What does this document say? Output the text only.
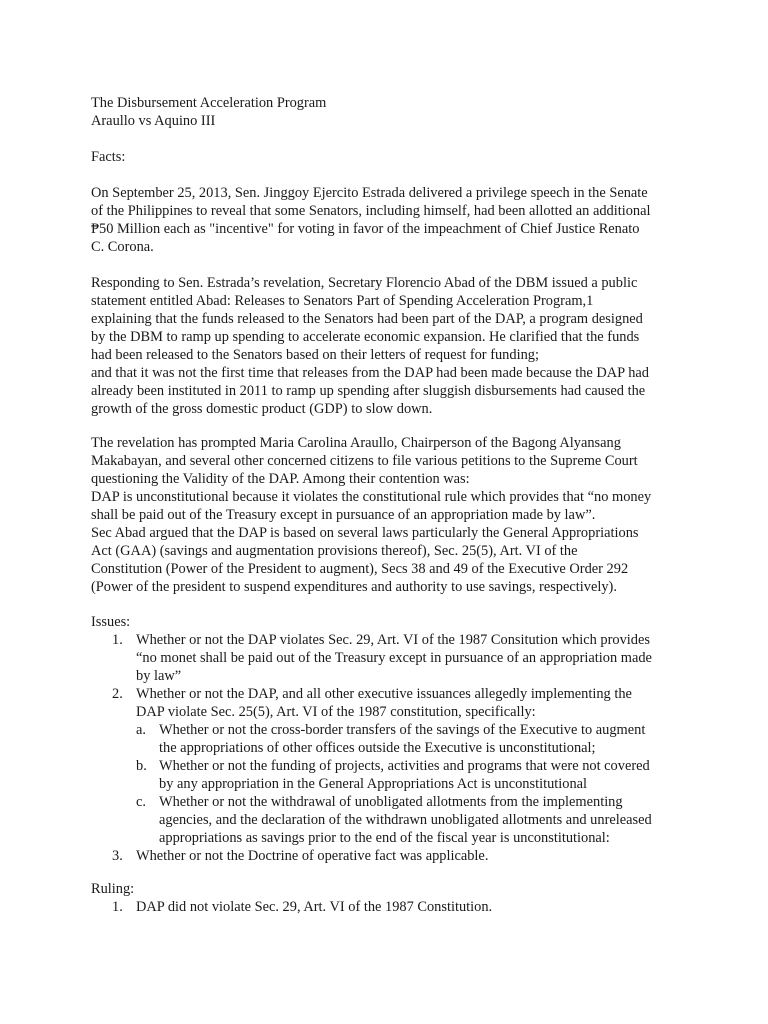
The Disbursement Acceleration Program
Araullo vs Aquino III
Facts:
On September 25, 2013, Sen. Jinggoy Ejercito Estrada delivered a privilege speech in the Senate
of the Philippines to reveal that some Senators, including himself, had been allotted an additional
₱50 Million each as "incentive" for voting in favor of the impeachment of Chief Justice Renato
C. Corona.
Responding to Sen. Estrada’s revelation, Secretary Florencio Abad of the DBM issued a public
statement entitled Abad: Releases to Senators Part of Spending Acceleration Program,1
explaining that the funds released to the Senators had been part of the DAP, a program designed
by the DBM to ramp up spending to accelerate economic expansion. He clarified that the funds
had been released to the Senators based on their letters of request for funding;
and that it was not the first time that releases from the DAP had been made because the DAP had
already been instituted in 2011 to ramp up spending after sluggish disbursements had caused the
growth of the gross domestic product (GDP) to slow down.
The revelation has prompted Maria Carolina Araullo, Chairperson of the Bagong Alyansang
Makabayan, and several other concerned citizens to file various petitions to the Supreme Court
questioning the Validity of the DAP. Among their contention was:
DAP is unconstitutional because it violates the constitutional rule which provides that “no money
shall be paid out of the Treasury except in pursuance of an appropriation made by law”.
Sec Abad argued that the DAP is based on several laws particularly the General Appropriations
Act (GAA) (savings and augmentation provisions thereof), Sec. 25(5), Art. VI of the
Constitution (Power of the President to augment), Secs 38 and 49 of the Executive Order 292
(Power of the president to suspend expenditures and authority to use savings, respectively).
Issues:
1. Whether or not the DAP violates Sec. 29, Art. VI of the 1987 Consitution which provides
“no monet shall be paid out of the Treasury except in pursuance of an appropriation made
by law”
2. Whether or not the DAP, and all other executive issuances allegedly implementing the
DAP violate Sec. 25(5), Art. VI of the 1987 constitution, specifically:
a. Whether or not the cross-border transfers of the savings of the Executive to augment
the appropriations of other offices outside the Executive is unconstitutional;
b. Whether or not the funding of projects, activities and programs that were not covered
by any appropriation in the General Appropriations Act is unconstitutional
c. Whether or not the withdrawal of unobligated allotments from the implementing
agencies, and the declaration of the withdrawn unobligated allotments and unreleased
appropriations as savings prior to the end of the fiscal year is unconstitutional:
3. Whether or not the Doctrine of operative fact was applicable.
Ruling:
1. DAP did not violate Sec. 29, Art. VI of the 1987 Constitution.
